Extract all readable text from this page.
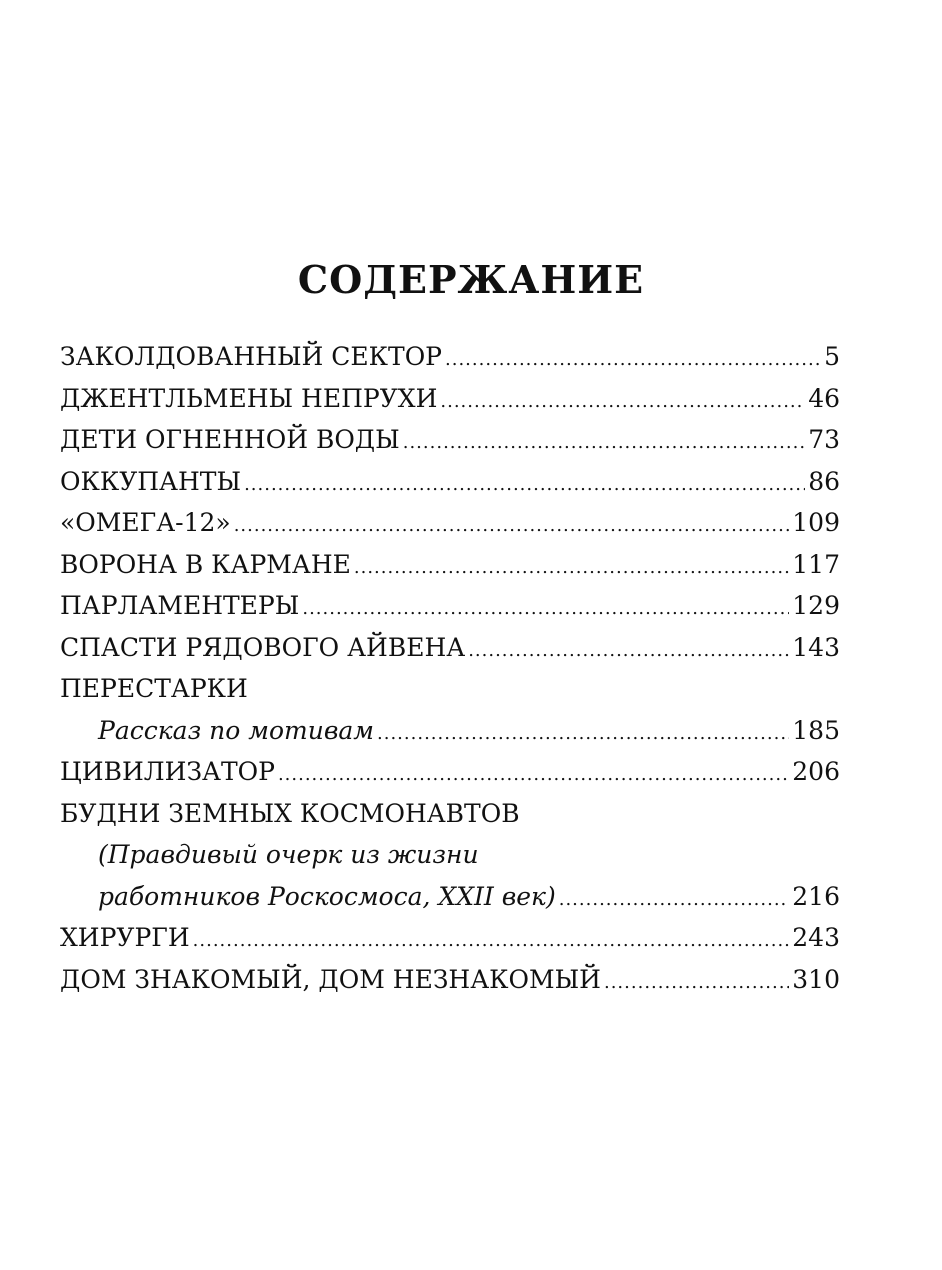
СОДЕРЖАНИЕ
ЗАКОЛДОВАННЫЙ СЕКТОР .....	5
ДЖЕНТЛЬМЕНЫ НЕПРУХИ .....	46
ДЕТИ ОГНЕННОЙ ВОДЫ .....	73
ОККУПАНТЫ .....	86
«ОМЕГА-12» .....	109
ВОРОНА В КАРМАНЕ .....	117
ПАРЛАМЕНТЕРЫ .....	129
СПАСТИ РЯДОВОГО АЙВЕНА .....	143
ПЕРЕСТАРКИ
Рассказ по мотивам .....	185
ЦИВИЛИЗАТОР .....	206
БУДНИ ЗЕМНЫХ КОСМОНАВТОВ
(Правдивый очерк из жизни
работников Роскосмоса, XXII век) .....	216
ХИРУРГИ .....	243
ДОМ ЗНАКОМЫЙ, ДОМ НЕЗНАКОМЫЙ .....	310
